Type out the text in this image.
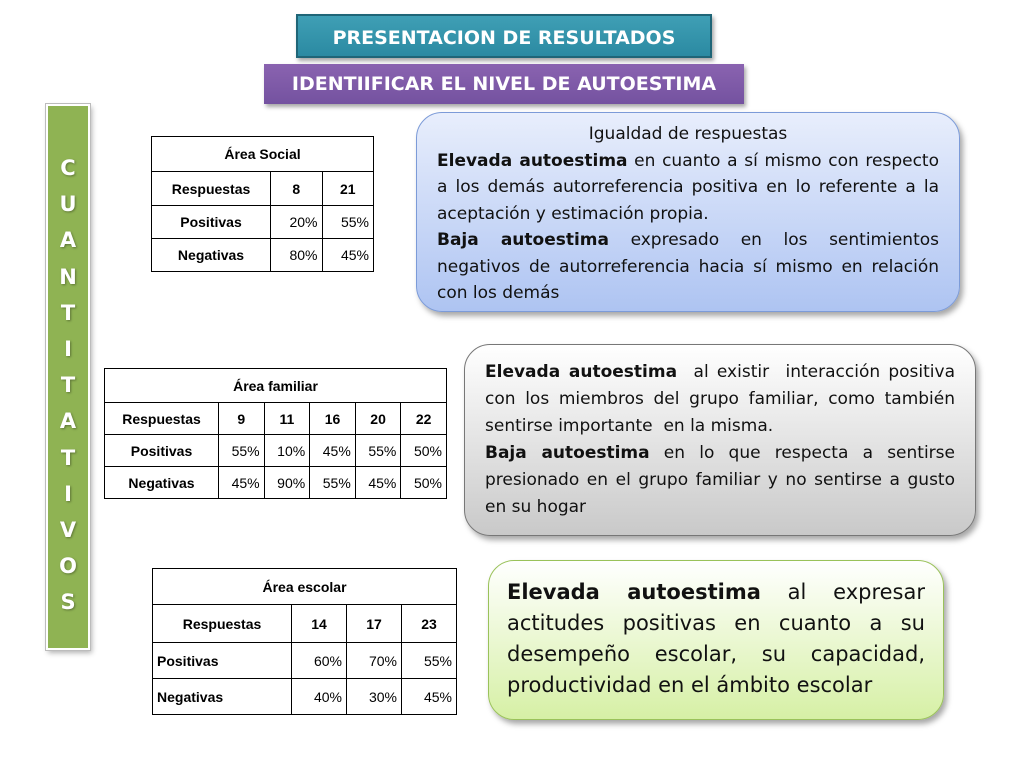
PRESENTACION DE RESULTADOS
IDENTIIFICAR EL NIVEL DE AUTOESTIMA
C
U
A
N
T
I
T
A
T
I
V
O
S
Área Social		
Respuestas	8	21
Positivas	20%	55%
Negativas	80%	45%
Área familiar					
Respuestas	9	11	16	20	22
Positivas	55%	10%	45%	55%	50%
Negativas	45%	90%	55%	45%	50%
Área escolar			
Respuestas	14	17	23
Positivas	60%	70%	55%
Negativas	40%	30%	45%

Igualdad de respuestas

Elevada autoestima en cuanto a sí mismo con respecto a los demás autorreferencia positiva en lo referente a la aceptación y estimación propia.

Baja autoestima expresado en los sentimientos negativos de autorreferencia hacia sí mismo en relación con los demás

Elevada autoestima  al existir  interacción positiva con los miembros del grupo familiar, como también sentirse importante  en la misma.

Baja autoestima en lo que respecta a sentirse presionado en el grupo familiar y no sentirse a gusto en su hogar

Elevada autoestima al expresar actitudes positivas en cuanto a su desempeño escolar, su capacidad, productividad en el ámbito escolar
